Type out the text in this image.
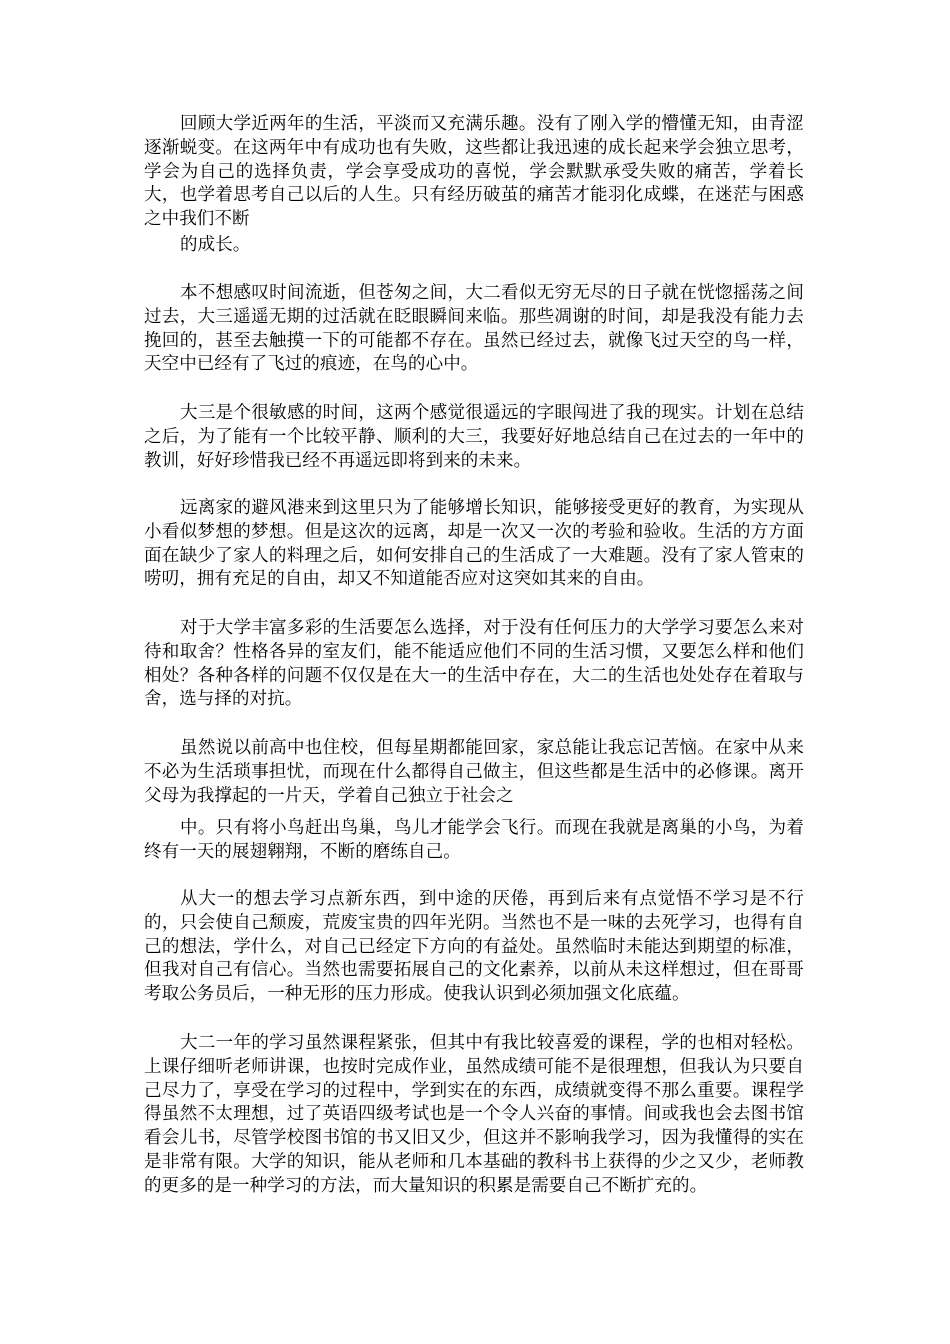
回顾大学近两年的生活，平淡而又充满乐趣。没有了刚入学的懵懂无知，由青涩逐渐蜕变。在这两年中有成功也有失败，这些都让我迅速的成长起来学会独立思考，学会为自己的选择负责，学会享受成功的喜悦，学会默默承受失败的痛苦，学着长大，也学着思考自己以后的人生。只有经历破茧的痛苦才能羽化成蝶，在迷茫与困惑之中我们不断

的成长。

本不想感叹时间流逝，但苍匆之间，大二看似无穷无尽的日子就在恍惚摇荡之间过去，大三遥遥无期的过活就在眨眼瞬间来临。那些凋谢的时间，却是我没有能力去挽回的，甚至去触摸一下的可能都不存在。虽然已经过去，就像飞过天空的鸟一样，天空中已经有了飞过的痕迹，在鸟的心中。

大三是个很敏感的时间，这两个感觉很遥远的字眼闯进了我的现实。计划在总结之后，为了能有一个比较平静、顺利的大三，我要好好地总结自己在过去的一年中的教训，好好珍惜我已经不再遥远即将到来的未来。

远离家的避风港来到这里只为了能够增长知识，能够接受更好的教育，为实现从小看似梦想的梦想。但是这次的远离，却是一次又一次的考验和验收。生活的方方面面在缺少了家人的料理之后，如何安排自己的生活成了一大难题。没有了家人管束的唠叨，拥有充足的自由，却又不知道能否应对这突如其来的自由。

对于大学丰富多彩的生活要怎么选择，对于没有任何压力的大学学习要怎么来对待和取舍？性格各异的室友们，能不能适应他们不同的生活习惯，又要怎么样和他们相处？各种各样的问题不仅仅是在大一的生活中存在，大二的生活也处处存在着取与舍，选与择的对抗。

虽然说以前高中也住校，但每星期都能回家，家总能让我忘记苦恼。在家中从来不必为生活琐事担忧，而现在什么都得自己做主，但这些都是生活中的必修课。离开父母为我撑起的一片天，学着自己独立于社会之

中。只有将小鸟赶出鸟巢，鸟儿才能学会飞行。而现在我就是离巢的小鸟，为着终有一天的展翅翱翔，不断的磨练自己。

从大一的想去学习点新东西，到中途的厌倦，再到后来有点觉悟不学习是不行的，只会使自己颓废，荒废宝贵的四年光阴。当然也不是一味的去死学习，也得有自己的想法，学什么，对自己已经定下方向的有益处。虽然临时未能达到期望的标准，但我对自己有信心。当然也需要拓展自己的文化素养，以前从未这样想过，但在哥哥考取公务员后，一种无形的压力形成。使我认识到必须加强文化底蕴。

大二一年的学习虽然课程紧张，但其中有我比较喜爱的课程，学的也相对轻松。上课仔细听老师讲课，也按时完成作业，虽然成绩可能不是很理想，但我认为只要自己尽力了，享受在学习的过程中，学到实在的东西，成绩就变得不那么重要。课程学得虽然不太理想，过了英语四级考试也是一个令人兴奋的事情。间或我也会去图书馆看会儿书，尽管学校图书馆的书又旧又少，但这并不影响我学习，因为我懂得的实在是非常有限。大学的知识，能从老师和几本基础的教科书上获得的少之又少，老师教的更多的是一种学习的方法，而大量知识的积累是需要自己不断扩充的。
